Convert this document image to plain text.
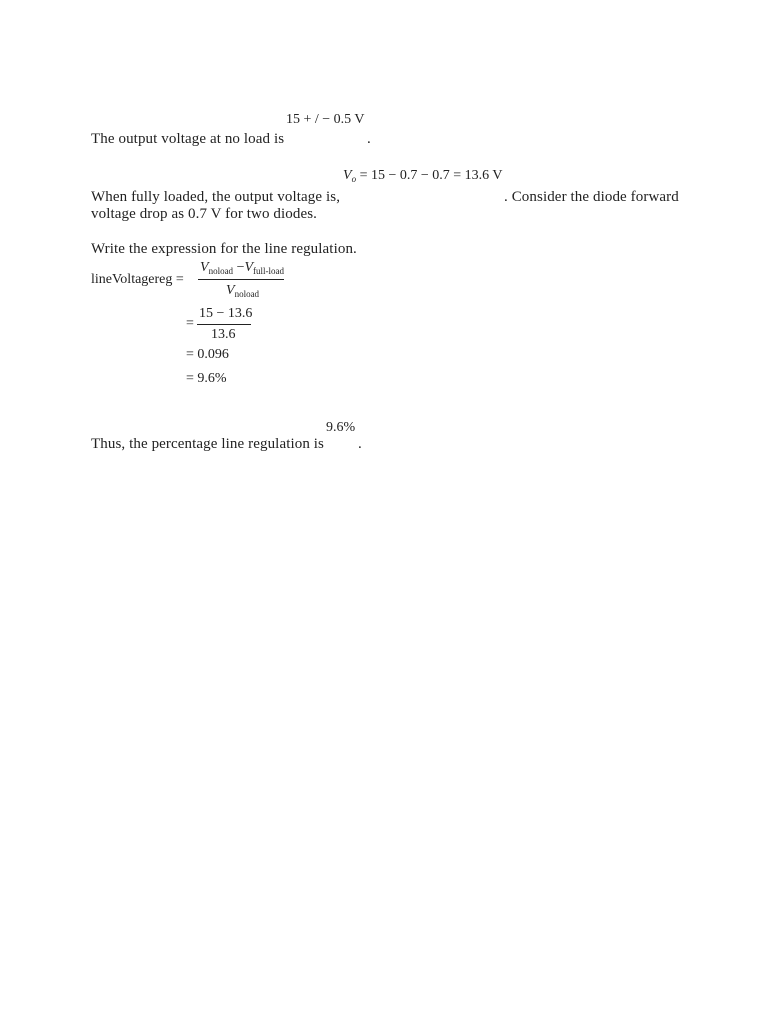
15 + / − 0.5 V
The output voltage at no load is	.
$V_o = 15 - 0.7 - 0.7 = 13.6$ V
When fully loaded, the output voltage is,	. Consider the diode forward
voltage drop as 0.7 V for two diodes.
Write the expression for the line regulation.
lineVoltagereg =
$V_{noload} -V_{full-load}$
$V_{noload}$
=
15 − 13.6
13.6
= 0.096
= 9.6%
9.6%
Thus, the percentage line regulation is .
